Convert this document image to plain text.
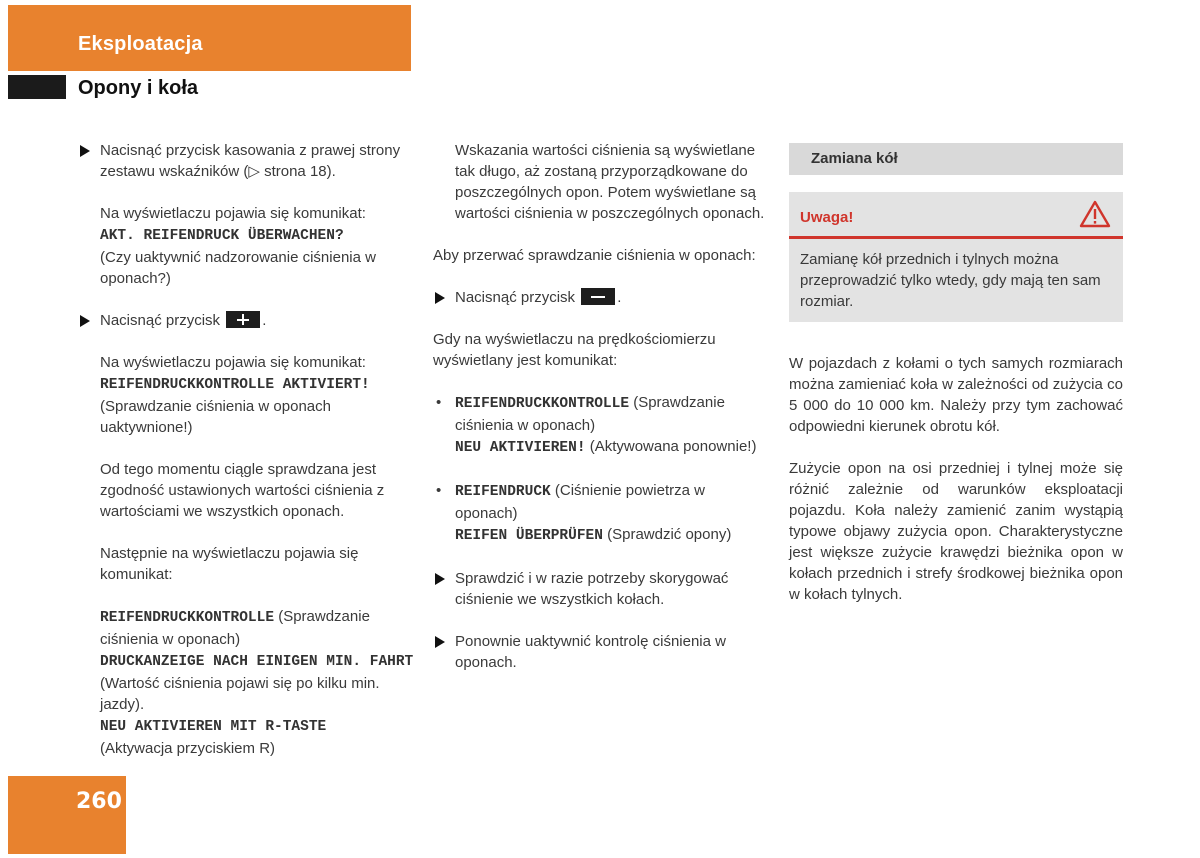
Eksploatacja
Opony i koła

Nacisnąć przycisk kasowania z prawej strony zestawu wskaźników (▷ strona 18).

Na wyświetlaczu pojawia się komunikat:
AKT. REIFENDRUCK ÜBERWACHEN?
(Czy uaktywnić nadzorowanie ciśnienia w oponach?)

Nacisnąć przycisk	.

Na wyświetlaczu pojawia się komunikat:
REIFENDRUCKKONTROLLE AKTIVIERT!
(Sprawdzanie ciśnienia w oponach uaktywnione!)

Od tego momentu ciągle sprawdzana jest zgodność ustawionych wartości ciśnienia z wartościami we wszystkich oponach.

Następnie na wyświetlaczu pojawia się komunikat:

REIFENDRUCKKONTROLLE (Sprawdzanie ciśnienia w oponach)
DRUCKANZEIGE NACH EINIGEN MIN. FAHRT (Wartość ciśnienia pojawi się po kilku min. jazdy).
NEU AKTIVIEREN MIT R-TASTE
(Aktywacja przyciskiem R)

Wskazania wartości ciśnienia są wyświetlane tak długo, aż zostaną przyporządkowane do poszczególnych opon. Potem wyświetlane są wartości ciśnienia w poszczególnych oponach.

Aby przerwać sprawdzanie ciśnienia w oponach:

Nacisnąć przycisk	.

Gdy na wyświetlaczu na prędkościomierzu wyświetlany jest komunikat:

• REIFENDRUCKKONTROLLE (Sprawdzanie ciśnienia w oponach)
NEU AKTIVIEREN! (Aktywowana ponownie!)

• REIFENDRUCK (Ciśnienie powietrza w oponach)
REIFEN ÜBERPRÜFEN (Sprawdzić opony)

Sprawdzić i w razie potrzeby skorygować ciśnienie we wszystkich kołach.

Ponownie uaktywnić kontrolę ciśnienia w oponach.

Zamiana kół
Uwaga!

Zamianę kół przednich i tylnych można przeprowadzić tylko wtedy, gdy mają ten sam rozmiar.

W pojazdach z kołami o tych samych rozmiarach można zamieniać koła w zależności od zużycia co 5 000 do 10 000 km. Należy przy tym zachować odpowiedni kierunek obrotu kół.

Zużycie opon na osi przedniej i tylnej może się różnić zależnie od warunków eksploatacji pojazdu. Koła należy zamienić zanim wystąpią typowe objawy zużycia opon. Charakterystyczne jest większe zużycie krawędzi bieżnika opon w kołach przednich i strefy środkowej bieżnika opon w kołach tylnych.

260
